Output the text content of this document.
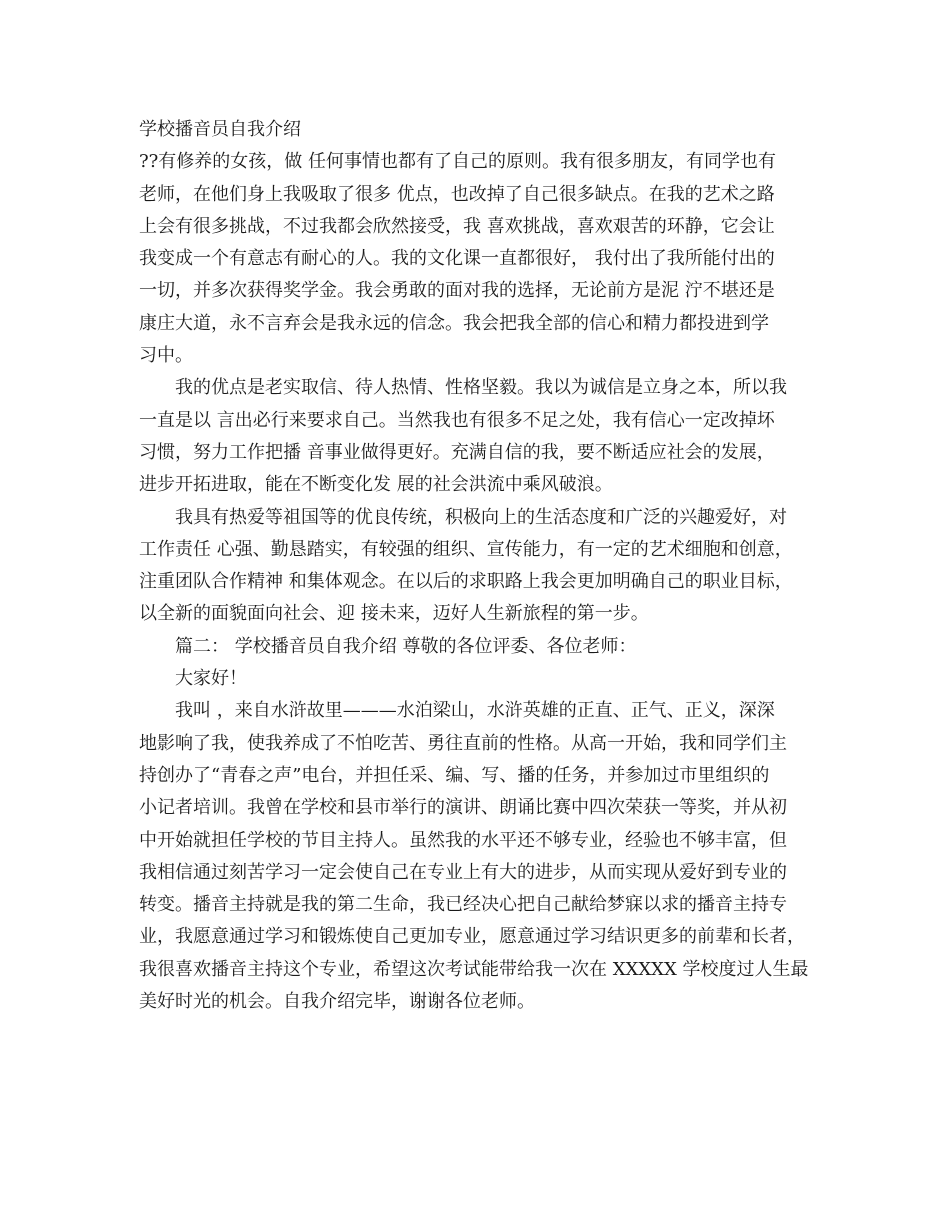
学校播音员自我介绍
??有修养的女孩，做 任何事情也都有了自己的原则。我有很多朋友，有同学也有
老师，在他们身上我吸取了很多 优点，也改掉了自己很多缺点。在我的艺术之路
上会有很多挑战，不过我都会欣然接受，我 喜欢挑战，喜欢艰苦的环静，它会让
我变成一个有意志有耐心的人。我的文化课一直都很好， 我付出了我所能付出的
一切，并多次获得奖学金。我会勇敢的面对我的选择，无论前方是泥 泞不堪还是
康庄大道，永不言弃会是我永远的信念。我会把我全部的信心和精力都投进到学
习中。
我的优点是老实取信、待人热情、性格坚毅。我以为诚信是立身之本，所以我
一直是以 言出必行来要求自己。当然我也有很多不足之处，我有信心一定改掉坏
习惯，努力工作把播 音事业做得更好。充满自信的我，要不断适应社会的发展，
进步开拓进取，能在不断变化发 展的社会洪流中乘风破浪。
我具有热爱等祖国等的优良传统，积极向上的生活态度和广泛的兴趣爱好，对
工作责任 心强、勤恳踏实，有较强的组织、宣传能力，有一定的艺术细胞和创意，
注重团队合作精神 和集体观念。在以后的求职路上我会更加明确自己的职业目标，
以全新的面貌面向社会、迎 接未来，迈好人生新旅程的第一步。
篇二： 学校播音员自我介绍 尊敬的各位评委、各位老师：
大家好！
我叫 ，来自水浒故里———水泊梁山，水浒英雄的正直、正气、正义，深深
地影响了我，使我养成了不怕吃苦、勇往直前的性格。从高一开始，我和同学们主
持创办了“青春之声”电台，并担任采、编、写、播的任务，并参加过市里组织的
小记者培训。我曾在学校和县市举行的演讲、朗诵比赛中四次荣获一等奖，并从初
中开始就担任学校的节目主持人。虽然我的水平还不够专业，经验也不够丰富，但
我相信通过刻苦学习一定会使自己在专业上有大的进步，从而实现从爱好到专业的
转变。播音主持就是我的第二生命，我已经决心把自己献给梦寐以求的播音主持专
业，我愿意通过学习和锻炼使自己更加专业，愿意通过学习结识更多的前辈和长者，
我很喜欢播音主持这个专业，希望这次考试能带给我一次在 XXXXX 学校度过人生最
美好时光的机会。自我介绍完毕，谢谢各位老师。
